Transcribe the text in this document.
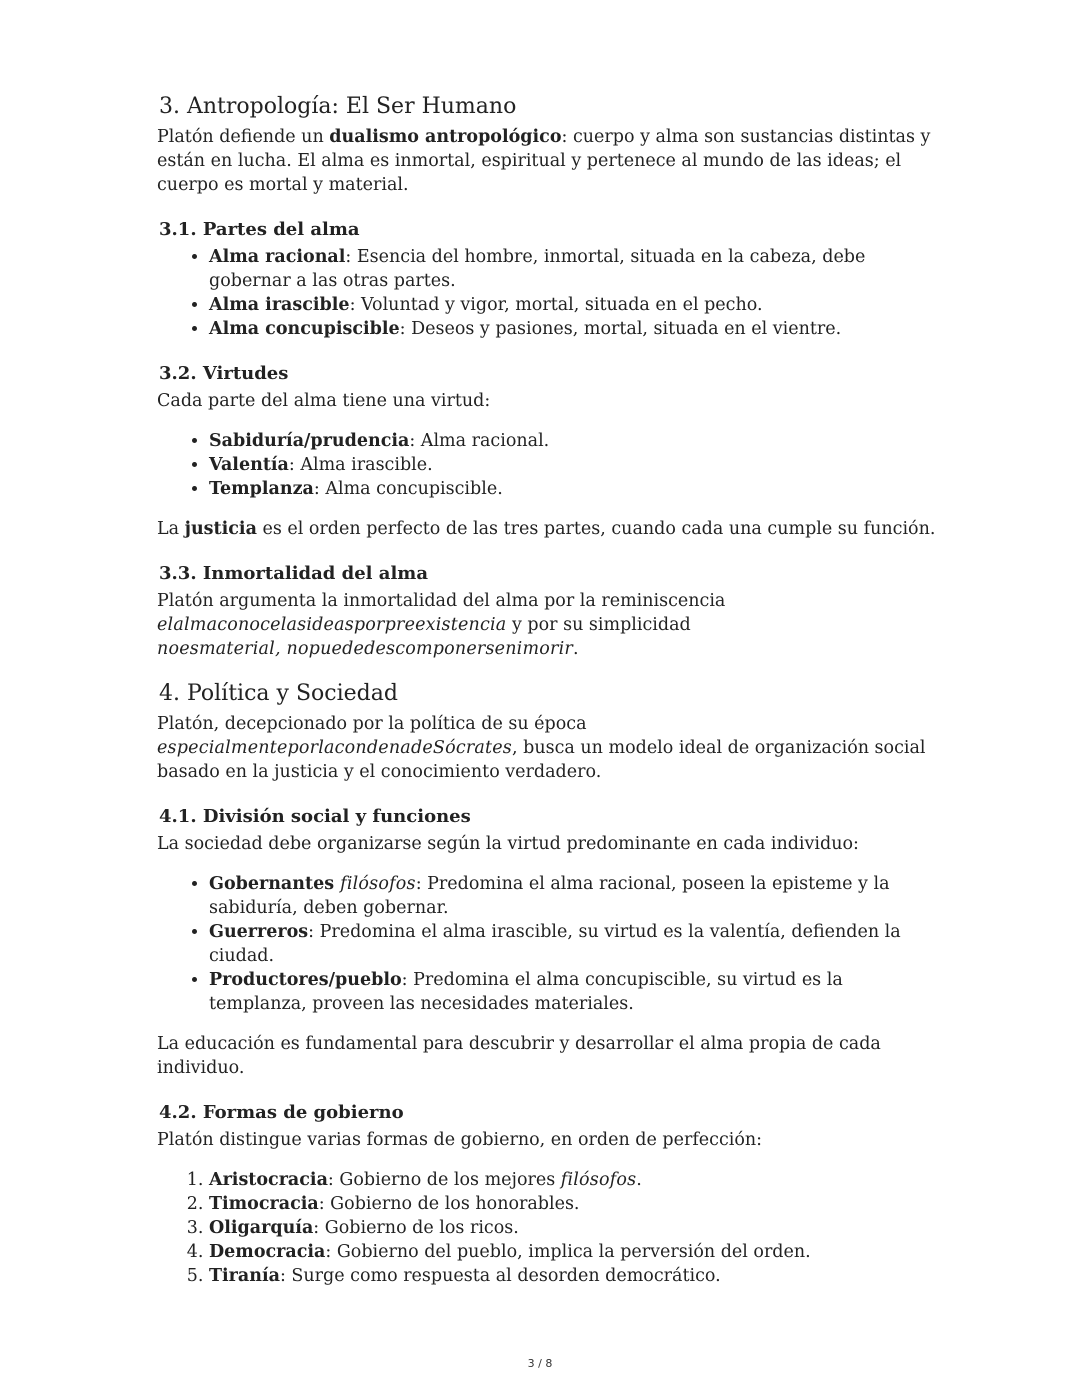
3. Antropología: El Ser Humano

Platón defiende un dualismo antropológico: cuerpo y alma son sustancias distintas y están en lucha. El alma es inmortal, espiritual y pertenece al mundo de las ideas; el cuerpo es mortal y material.

3.1. Partes del alma
• Alma racional: Esencia del hombre, inmortal, situada en la cabeza, debe gobernar a las otras partes.
• Alma irascible: Voluntad y vigor, mortal, situada en el pecho.
• Alma concupiscible: Deseos y pasiones, mortal, situada en el vientre.
3.2. Virtudes

Cada parte del alma tiene una virtud:

• Sabiduría/prudencia: Alma racional.
• Valentía: Alma irascible.
• Templanza: Alma concupiscible.

La justicia es el orden perfecto de las tres partes, cuando cada una cumple su función.

3.3. Inmortalidad del alma

Platón argumenta la inmortalidad del alma por la reminiscencia
elalmaconocelasideasporpreexistencia y por su simplicidad
noesmaterial, nopuededescomponersenimorir.

4. Política y Sociedad

Platón, decepcionado por la política de su época
especialmenteporlacondenadeSócrates, busca un modelo ideal de organización social basado en la justicia y el conocimiento verdadero.

4.1. División social y funciones

La sociedad debe organizarse según la virtud predominante en cada individuo:

• Gobernantes filósofos: Predomina el alma racional, poseen la episteme y la sabiduría, deben gobernar.
• Guerreros: Predomina el alma irascible, su virtud es la valentía, defienden la ciudad.
• Productores/pueblo: Predomina el alma concupiscible, su virtud es la templanza, proveen las necesidades materiales.

La educación es fundamental para descubrir y desarrollar el alma propia de cada individuo.

4.2. Formas de gobierno

Platón distingue varias formas de gobierno, en orden de perfección:

1. Aristocracia: Gobierno de los mejores filósofos.
2. Timocracia: Gobierno de los honorables.
3. Oligarquía: Gobierno de los ricos.
4. Democracia: Gobierno del pueblo, implica la perversión del orden.
5. Tiranía: Surge como respuesta al desorden democrático.
3 / 8
